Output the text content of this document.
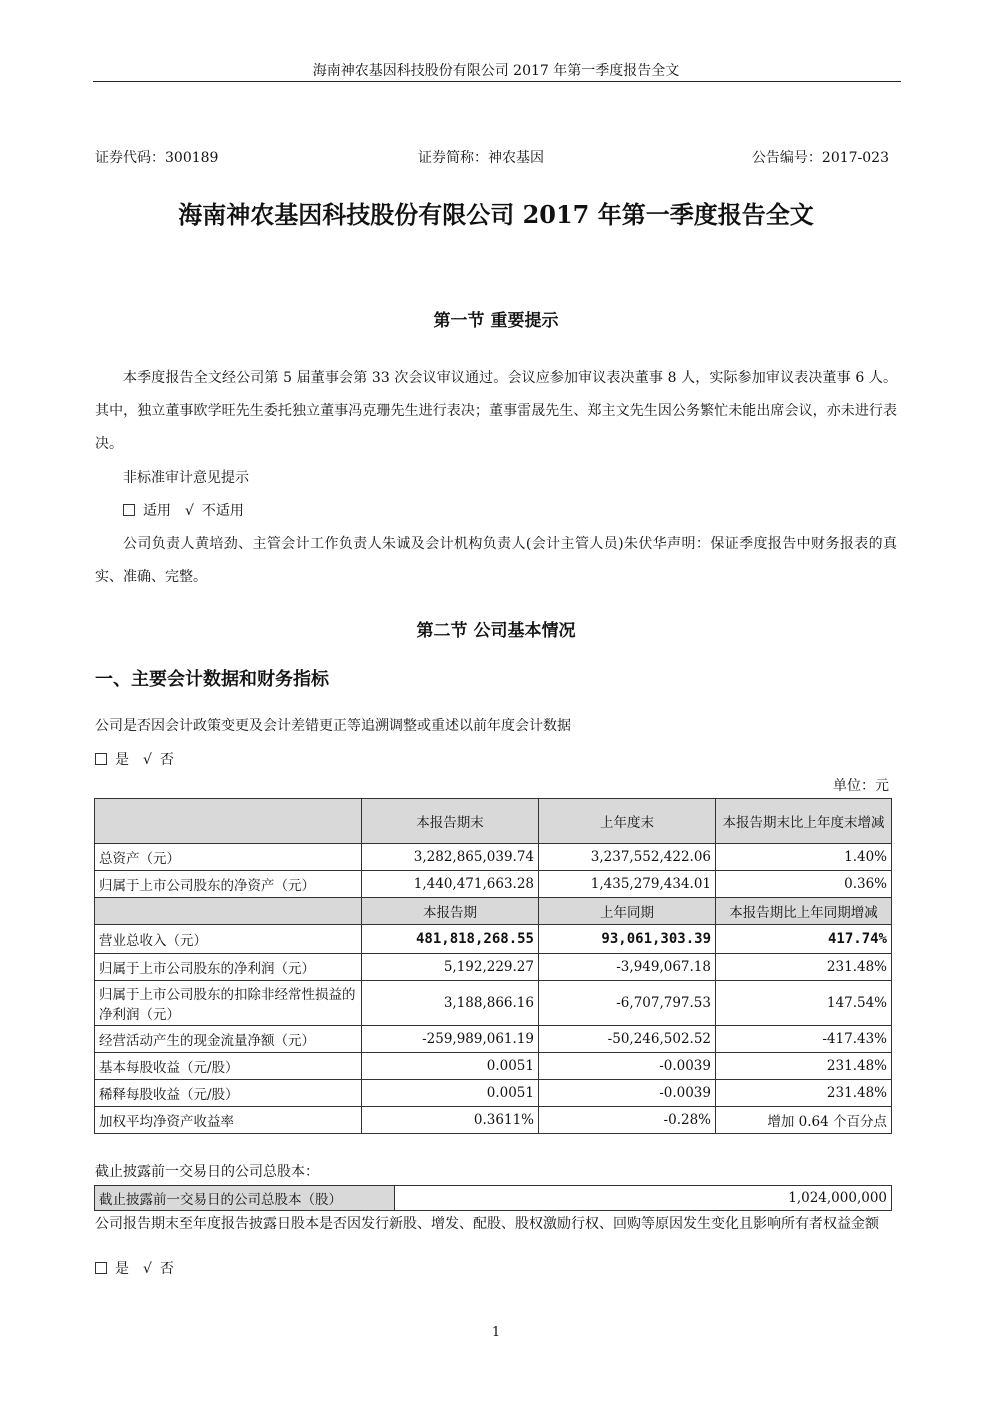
海南神农基因科技股份有限公司 2017 年第一季度报告全文
证券代码：300189	证券简称：神农基因	公告编号：2017-023
海南神农基因科技股份有限公司 2017 年第一季度报告全文
第一节 重要提示

本季度报告全文经公司第 5 届董事会第 33 次会议审议通过。会议应参加审议表决董事 8 人，实际参加审议表决董事 6 人。其中，独立董事欧学旺先生委托独立董事冯克珊先生进行表决；董事雷晟先生、郑主文先生因公务繁忙未能出席会议，亦未进行表决。

非标准审计意见提示
适用 √ 不适用

公司负责人黄培劲、主管会计工作负责人朱诚及会计机构负责人(会计主管人员)朱伏华声明：保证季度报告中财务报表的真实、准确、完整。

第二节 公司基本情况
一、主要会计数据和财务指标
公司是否因会计政策变更及会计差错更正等追溯调整或重述以前年度会计数据
是 √ 否
单位：元
	本报告期末	上年度末	本报告期末比上年度末增减
总资产（元）	3,282,865,039.74	3,237,552,422.06	1.40%
归属于上市公司股东的净资产（元）	1,440,471,663.28	1,435,279,434.01	0.36%
	本报告期	上年同期	本报告期比上年同期增减
营业总收入（元）	481,818,268.55	93,061,303.39	417.74%
归属于上市公司股东的净利润（元）	5,192,229.27	-3,949,067.18	231.48%
归属于上市公司股东的扣除非经常性损益的净利润（元）	3,188,866.16	-6,707,797.53	147.54%
经营活动产生的现金流量净额（元）	-259,989,061.19	-50,246,502.52	-417.43%
基本每股收益（元/股）	0.0051	-0.0039	231.48%
稀释每股收益（元/股）	0.0051	-0.0039	231.48%
加权平均净资产收益率	0.3611%	-0.28%	增加 0.64 个百分点
截止披露前一交易日的公司总股本：
截止披露前一交易日的公司总股本（股）	1,024,000,000

公司报告期末至年度报告披露日股本是否因发行新股、增发、配股、股权激励行权、回购等原因发生变化且影响所有者权益金额

是 √ 否
1
